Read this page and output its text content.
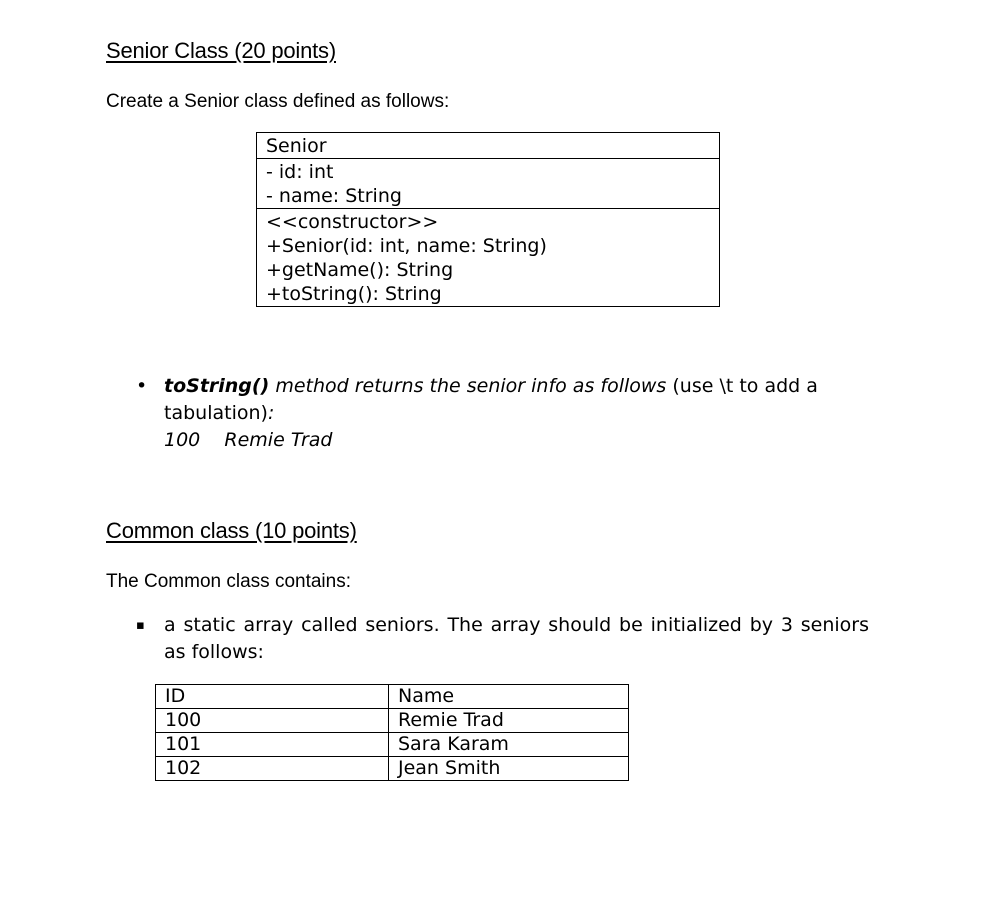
Senior Class (20 points)

Create a Senior class defined as follows:

Senior
- id: int
- name: String
<<constructor>>
+Senior(id: int, name: String)
+getName(): String
+toString(): String
• toString() method returns the senior info as follows (use \t to add a tabulation):
100	Remie Trad
Common class (10 points)

The Common class contains:

▪	a static array called seniors. The array should be initialized by 3 seniors as follows:
ID	Name
100	Remie Trad
101	Sara Karam
102	Jean Smith
